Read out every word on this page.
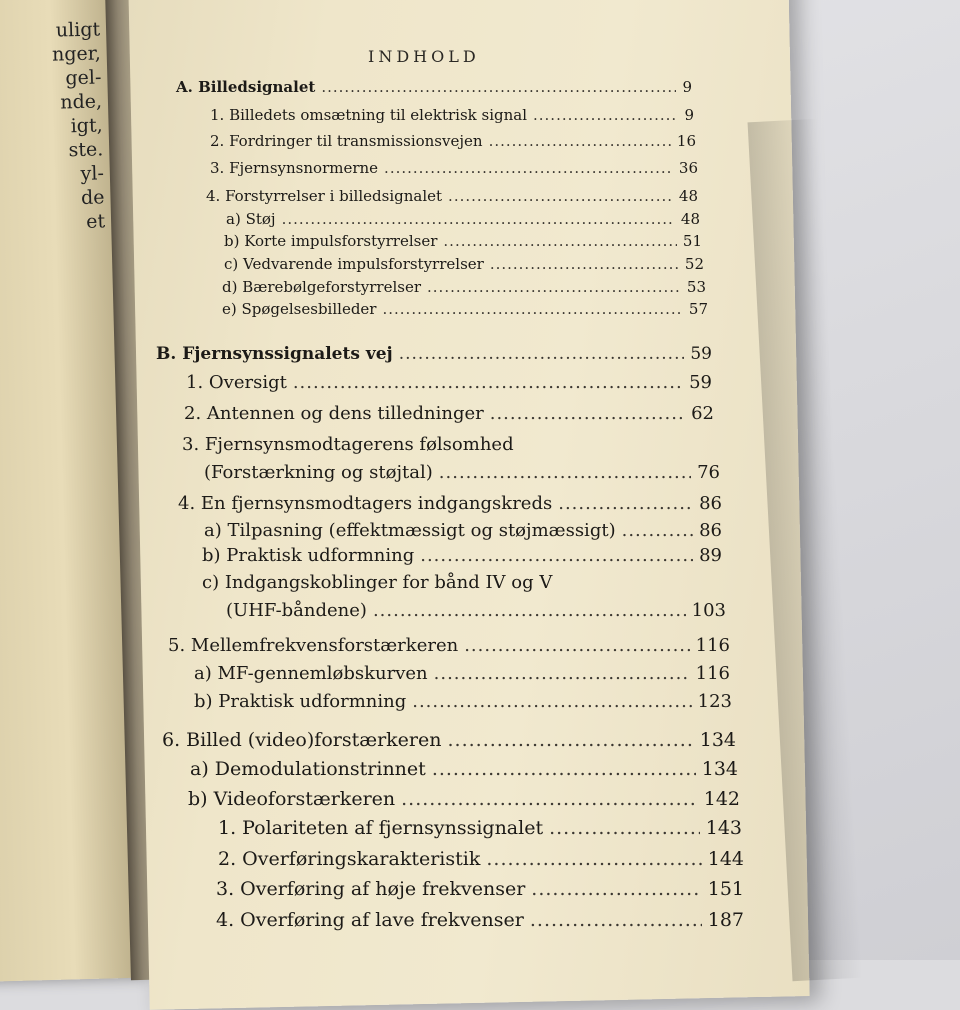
uligt
nger,
gel-
nde,
igt,
ste.
yl-
de
et
INDHOLD
A. Billedsignalet .....	9
1. Billedets omsætning til elektrisk signal .....	9
2. Fordringer til transmissionsvejen .....	16
3. Fjernsynsnormerne .....	36
4. Forstyrrelser i billedsignalet .....	48
a) Støj .....	48
b) Korte impulsforstyrrelser .....	51
c) Vedvarende impulsforstyrrelser .....	52
d) Bærebølgeforstyrrelser .....	53
e) Spøgelsesbilleder .....	57
B. Fjernsynssignalets vej .....	59
1. Oversigt .....	59
2. Antennen og dens tilledninger .....	62
3. Fjernsynsmodtagerens følsomhed
(Forstærkning og støjtal) .....	76
4. En fjernsynsmodtagers indgangskreds .....	86
a) Tilpasning (effektmæssigt og støjmæssigt) .....	86
b) Praktisk udformning .....	89
c) Indgangskoblinger for bånd IV og V
(UHF-båndene) .....	103
5. Mellemfrekvensforstærkeren .....	116
a) MF-gennemløbskurven .....	116
b) Praktisk udformning .....	123
6. Billed (video)forstærkeren .....	134
a) Demodulationstrinnet .....	134
b) Videoforstærkeren .....	142
1. Polariteten af fjernsynssignalet .....	143
2. Overføringskarakteristik .....	144
3. Overføring af høje frekvenser .....	151
4. Overføring af lave frekvenser .....	187
